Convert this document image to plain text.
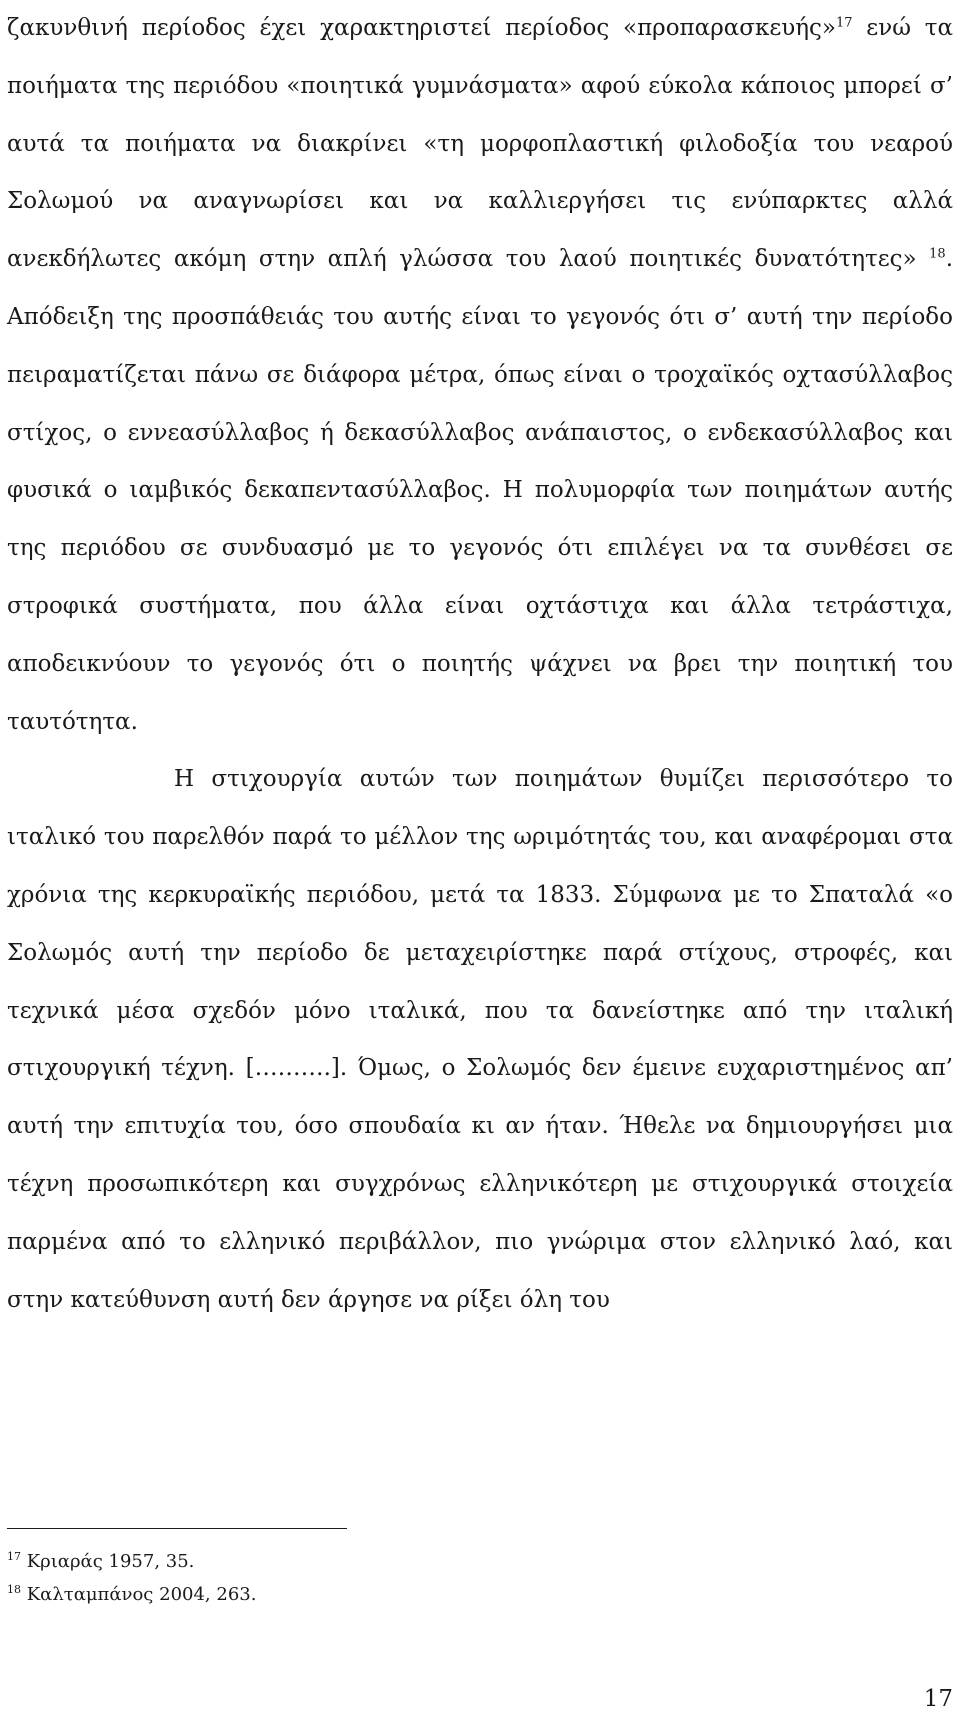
ζακυνθινή περίοδος έχει χαρακτηριστεί περίοδος «προπαρασκευής»$^{17}$ ενώ τα ποιήματα της περιόδου «ποιητικά γυμνάσματα» αφού εύκολα κάποιος μπορεί σ’ αυτά τα ποιήματα να διακρίνει «τη μορφοπλαστική φιλοδοξία του νεαρού Σολωμού να αναγνωρίσει και να καλλιεργήσει τις ενύπαρκτες αλλά ανεκδήλωτες ακόμη στην απλή γλώσσα του λαού ποιητικές δυνατότητες» $^{18}$. Απόδειξη της προσπάθειάς του αυτής είναι το γεγονός ότι σ’ αυτή την περίοδο πειραματίζεται πάνω σε διάφορα μέτρα, όπως είναι ο τροχαϊκός οχτασύλλαβος στίχος, ο εννεασύλλαβος ή δεκασύλλαβος ανάπαιστος, ο ενδεκασύλλαβος και φυσικά ο ιαμβικός δεκαπεντασύλλαβος. Η πολυμορφία των ποιημάτων αυτής της περιόδου σε συνδυασμό με το γεγονός ότι επιλέγει να τα συνθέσει σε στροφικά συστήματα, που άλλα είναι οχτάστιχα και άλλα τετράστιχα, αποδεικνύουν το γεγονός ότι ο ποιητής ψάχνει να βρει την ποιητική του ταυτότητα.

Η στιχουργία αυτών των ποιημάτων θυμίζει περισσότερο το ιταλικό του παρελθόν παρά το μέλλον της ωριμότητάς του, και αναφέρομαι στα χρόνια της κερκυραϊκής περιόδου, μετά τα 1833. Σύμφωνα με το Σπαταλά «ο Σολωμός αυτή την περίοδο δε μεταχειρίστηκε παρά στίχους, στροφές, και τεχνικά μέσα σχεδόν μόνο ιταλικά, που τα δανείστηκε από την ιταλική στιχουργική τέχνη. [……….]. Όμως, ο Σολωμός δεν έμεινε ευχαριστημένος απ’ αυτή την επιτυχία του, όσο σπουδαία κι αν ήταν. Ήθελε να δημιουργήσει μια τέχνη προσωπικότερη και συγχρόνως ελληνικότερη με στιχουργικά στοιχεία παρμένα από το ελληνικό περιβάλλον, πιο γνώριμα στον ελληνικό λαό, και στην κατεύθυνση αυτή δεν άργησε να ρίξει όλη του

$^{17}$ Κριαράς 1957, 35.

$^{18}$ Καλταμπάνος 2004, 263.

17
